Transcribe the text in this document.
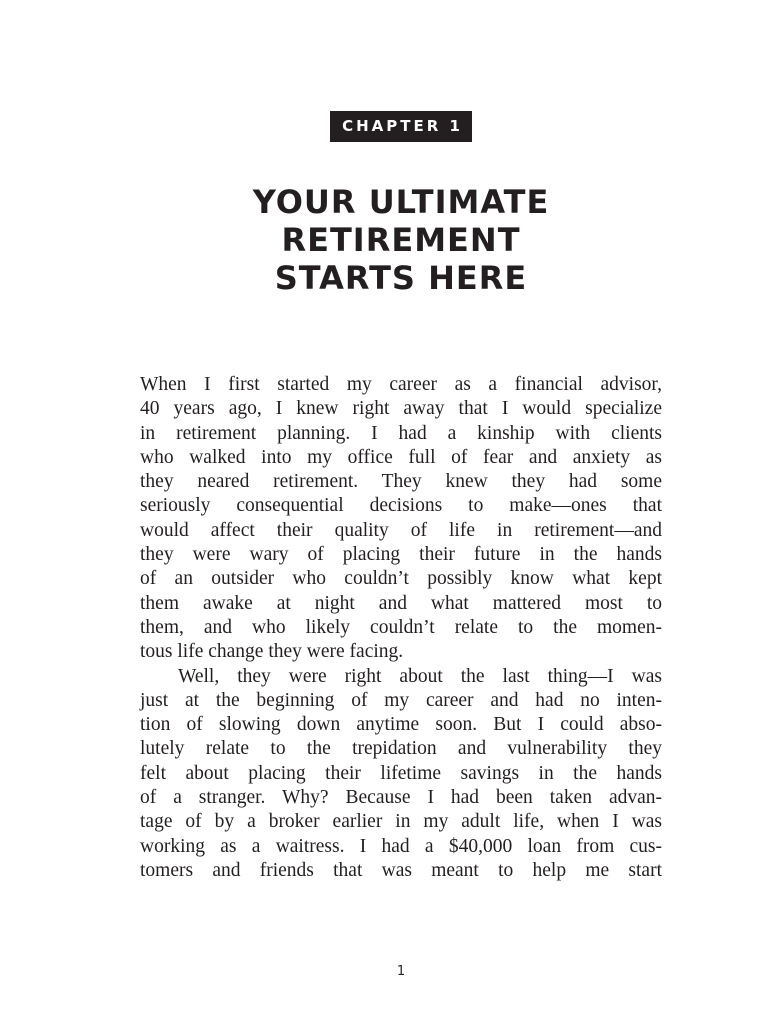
CHAPTER 1
YOUR ULTIMATE
RETIREMENT
STARTS HERE

When I first started my career as a financial advisor,
40 years ago, I knew right away that I would specialize
in retirement planning. I had a kinship with clients
who walked into my office full of fear and anxiety as
they neared retirement. They knew they had some
seriously consequential decisions to make—ones that
would affect their quality of life in retirement—and
they were wary of placing their future in the hands
of an outsider who couldn’t possibly know what kept
them awake at night and what mattered most to
them, and who likely couldn’t relate to the momen-
tous life change they were facing.

Well, they were right about the last thing—I was
just at the beginning of my career and had no inten-
tion of slowing down anytime soon. But I could abso-
lutely relate to the trepidation and vulnerability they
felt about placing their lifetime savings in the hands
of a stranger. Why? Because I had been taken advan-
tage of by a broker earlier in my adult life, when I was
working as a waitress. I had a $40,000 loan from cus-
tomers and friends that was meant to help me start

1
